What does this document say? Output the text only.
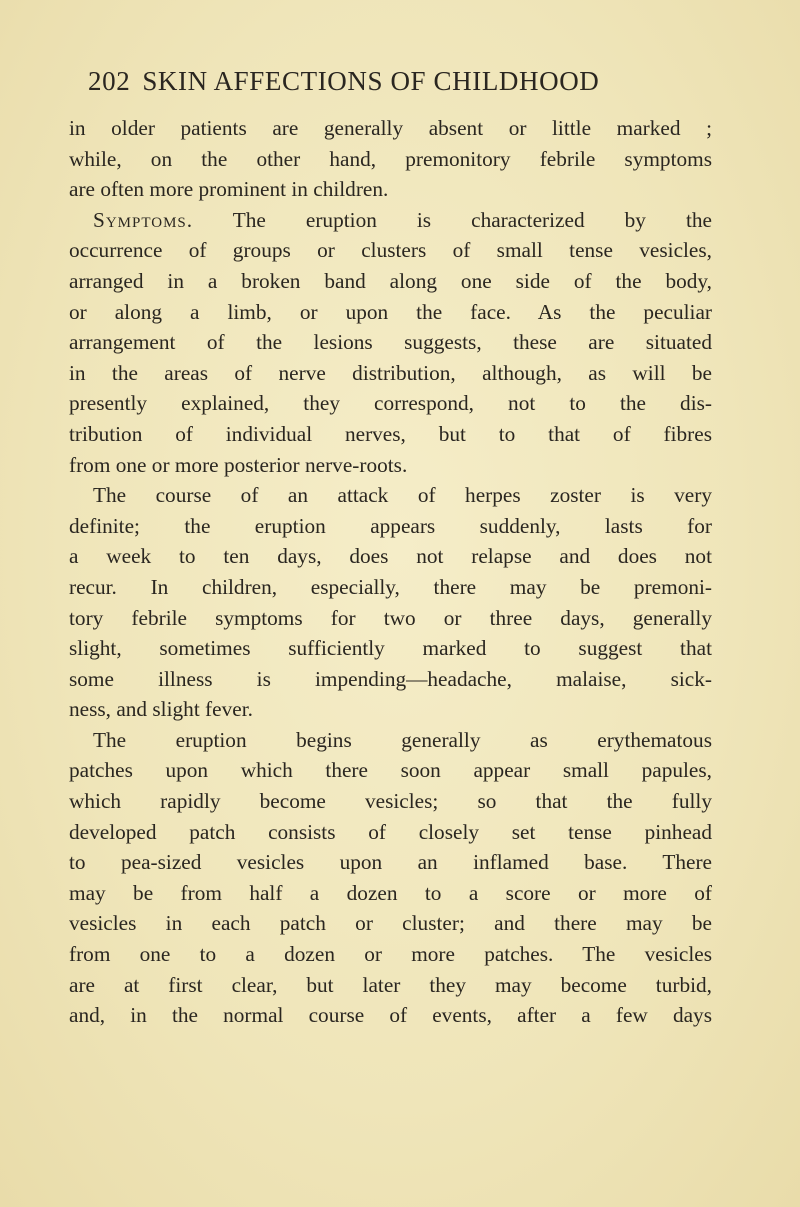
202 SKIN AFFECTIONS OF CHILDHOOD
in older patients are generally absent or little marked ;
while, on the other hand, premonitory febrile symptoms
are often more prominent in children.
Symptoms. The eruption is characterized by the
occurrence of groups or clusters of small tense vesicles,
arranged in a broken band along one side of the body,
or along a limb, or upon the face. As the peculiar
arrangement of the lesions suggests, these are situated
in the areas of nerve distribution, although, as will be
presently explained, they correspond, not to the dis-
tribution of individual nerves, but to that of fibres
from one or more posterior nerve-roots.
The course of an attack of herpes zoster is very
definite; the eruption appears suddenly, lasts for
a week to ten days, does not relapse and does not
recur. In children, especially, there may be premoni-
tory febrile symptoms for two or three days, generally
slight, sometimes sufficiently marked to suggest that
some illness is impending—headache, malaise, sick-
ness, and slight fever.
The eruption begins generally as erythematous
patches upon which there soon appear small papules,
which rapidly become vesicles; so that the fully
developed patch consists of closely set tense pinhead
to pea-sized vesicles upon an inflamed base. There
may be from half a dozen to a score or more of
vesicles in each patch or cluster; and there may be
from one to a dozen or more patches. The vesicles
are at first clear, but later they may become turbid,
and, in the normal course of events, after a few days
